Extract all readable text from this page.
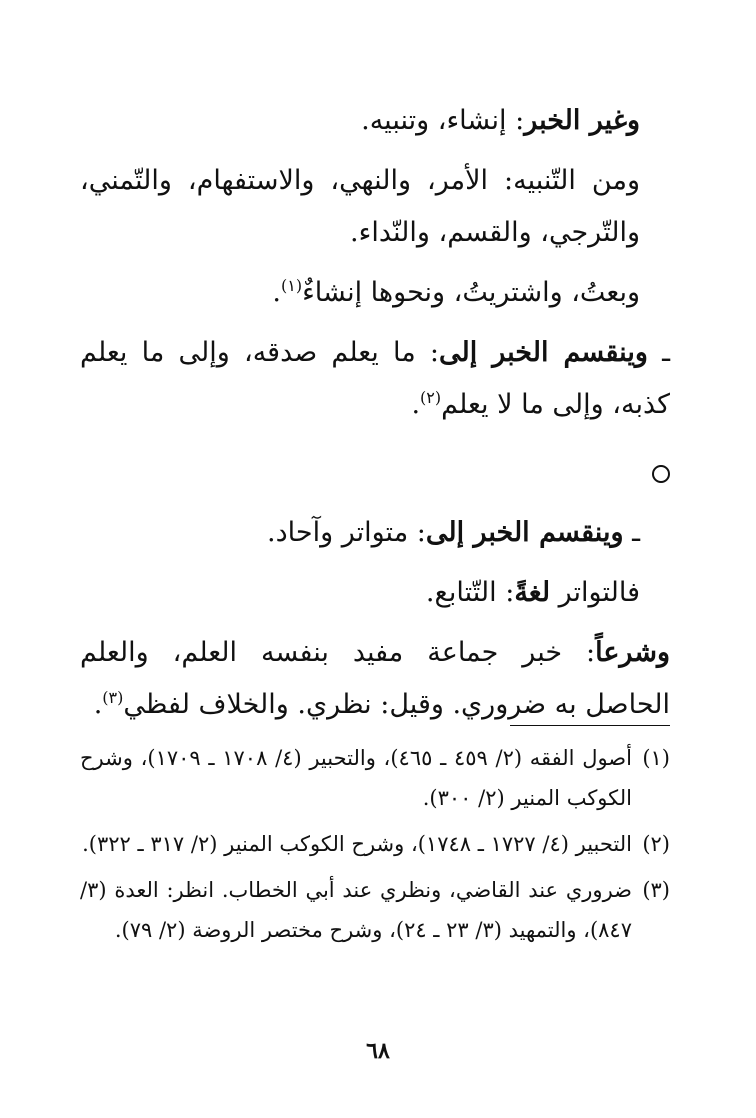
وغير الخبر: إنشاء، وتنبيه.

ومن التّنبيه: الأمر، والنهي، والاستفهام، والتّمني، والتّرجي، والقسم، والنّداء.

وبعتُ، واشتريتُ، ونحوها إنشاءٌ$^{(١)}$.

ـ وينقسم الخبر إلى: ما يعلم صدقه، وإلى ما يعلم كذبه، وإلى ما لا يعلم$^{(٢)}$.

ـ وينقسم الخبر إلى: متواتر وآحاد.

فالتواتر لغةً: التّتابع.

وشرعاً: خبر جماعة مفيد بنفسه العلم، والعلم الحاصل به ضروري. وقيل: نظري. والخلاف لفظي$^{(٣)}$.

(١)
أصول الفقه (٢/ ٤٥٩ ـ ٤٦٥)، والتحبير (٤/ ١٧٠٨ ـ ١٧٠٩)، وشرح الكوكب المنير (٢/ ٣٠٠).

(٢)
التحبير (٤/ ١٧٢٧ ـ ١٧٤٨)، وشرح الكوكب المنير (٢/ ٣١٧ ـ ٣٢٢).

(٣)
ضروري عند القاضي، ونظري عند أبي الخطاب. انظر: العدة (٣/ ٨٤٧)، والتمهيد (٣/ ٢٣ ـ ٢٤)، وشرح مختصر الروضة (٢/ ٧٩).

٦٨
